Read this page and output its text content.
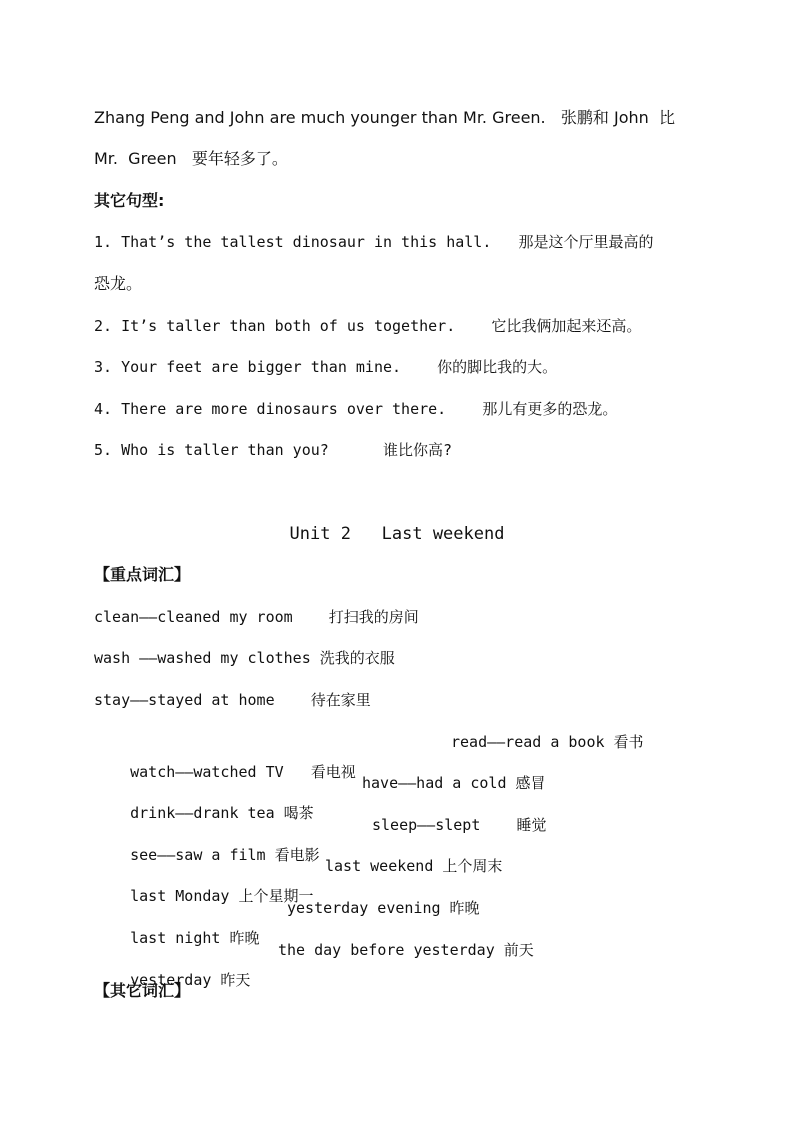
Zhang Peng and John are much younger than Mr. Green.   张鹏和 John  比
Mr.  Green   要年轻多了。
其它句型:
1. That’s the tallest dinosaur in this hall.   那是这个厅里最高的
恐龙。
2. It’s taller than both of us together.    它比我俩加起来还高。
3. Your feet are bigger than mine.    你的脚比我的大。
4. There are more dinosaurs over there.    那儿有更多的恐龙。
5. Who is taller than you?      谁比你高?
Unit 2   Last weekend
【重点词汇】
clean——cleaned my room    打扫我的房间
wash ——washed my clothes 洗我的衣服
stay——stayed at home    待在家里

watch——watched TV   看电视

read——read a book 看书

drink——drank tea 喝茶

have——had a cold 感冒

see——saw a film 看电影

sleep——slept    睡觉

last Monday 上个星期一

last weekend 上个周末

last night 昨晚

yesterday evening 昨晚

yesterday 昨天

the day before yesterday 前天

【其它词汇】
